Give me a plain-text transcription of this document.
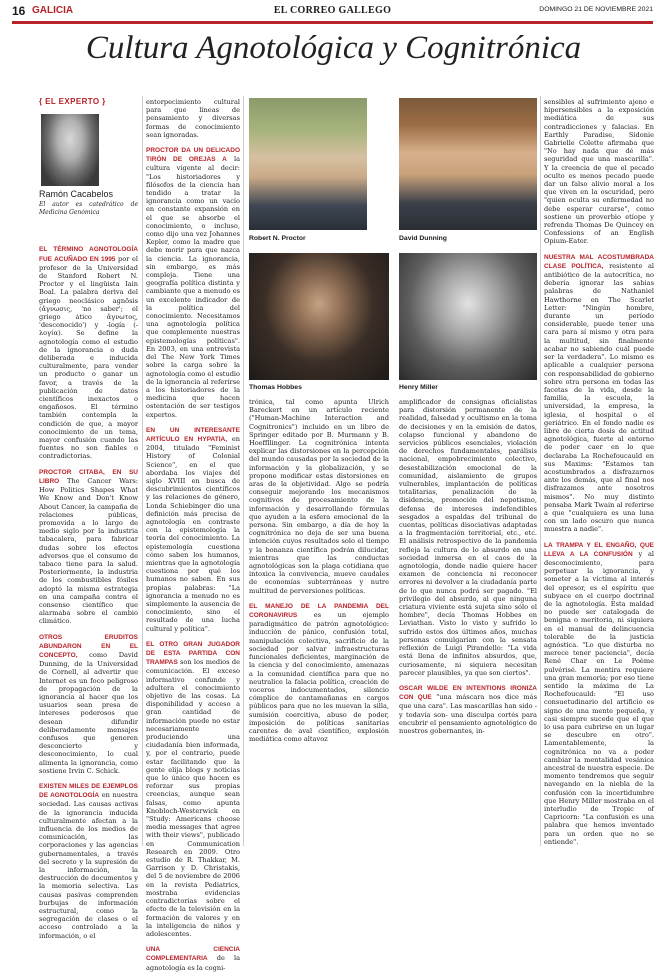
16 GALICIA	EL CORREO GALLEGO	DOMINGO 21 DE NOVIEMBRE 2021
Cultura Agnotológica y Cognitrónica
{ EL EXPERTO }
Ramón Cacabelos
El autor es catedrático de Medicina Genómica

EL TÉRMINO AGNOTOLOGÍA FUE ACUÑADO EN 1995 por el profesor de la Universidad de Stanford Robert N. Proctor y el lingüista Iain Boal. La palabra deriva del griego neoclásico agnōsis (ἄγνωσις, 'no saber'; el griego ático ἄγνωτος, 'desconocido') y -logía (-λογία). Se define la agnotología como el estudio de la ignorancia o duda deliberada e inducida culturalmente, para vender un producto o ganar un favor, a través de la publicación de datos científicos inexactos o engañosos. El término también contempla la condición de que, a mayor conocimiento de un tema, mayor confusión cuando las fuentes no son fiables o contradictorias.

PROCTOR CITABA, EN SU LIBRO The Cancer Wars: How Politics Shapes What We Know and Don't Know About Cancer, la campaña de relaciones públicas, promovida a lo largo de medio siglo por la industria tabacalera, para fabricar dudas sobre los efectos adversos que el consumo de tabaco tiene para la salud. Posteriormente, la industria de los combustibles fósiles adoptó la misma estrategia en una campaña contra el consenso científico que alarmaba sobre el cambio climático.

OTROS ERUDITOS ABUNDARON EN EL CONCEPTO, como David Dunning, de la Universidad de Cornell, al advertir que Internet es un foco peligroso de propagación de la ignorancia al hacer que los usuarios sean presa de intereses poderosos que desean difundir deliberadamente mensajes confusos que generen desconcierto y desconocimiento, lo cual alimenta la ignorancia, como sostiene Irvin C. Schick.

EXISTEN MILES DE EJEMPLOS DE AGNOTOLOGÍA en nuestra sociedad. Las causas activas de la ignorancia inducida culturalmente afectan a la influencia de los medios de comunicación, las corporaciones y las agencias gubernamentales, a través del secreto y la supresión de la información, la destrucción de documentos y la memoria selectiva. Las causas pasivas comprenden burbujas de información estructural, como la segregación de clases o el acceso controlado a la información, o el

entorpecimiento cultural para que líneas de pensamiento y diversas formas de conocimiento sean ignoradas.

PROCTOR DA UN DELICADO TIRÓN DE OREJAS A la cultura vigente al decir: "Los historiadores y filósofos de la ciencia han tendido a tratar la ignorancia como un vacío en constante expansión en el que se absorbe el conocimiento, o incluso, como dijo una vez Johannes Kepler, como la madre que debe morir para que nazca la ciencia. La ignorancia, sin embargo, es más compleja. Tiene una geografía política distinta y cambiante que a menudo es un excelente indicador de la política del conocimiento. Necesitamos una agnotología política que complemente nuestras epistemologías políticas". En 2003, en una entrevista del The New York Times sobre la carga sobre la agnotología como el estudio de la ignorancia al referirse a los historiadores de la medicina que hacen ostentación de ser testigos expertos.

EN UN INTERESANTE ARTÍCULO EN HYPATIA, en 2004, titulado "Feminist History of Colonial Science", en el que abordaba los viajes del siglo XVIII en busca de descubrimientos científicos y las relaciones de género, Londa Schiebinger dio una definición más precisa de agnotología en contraste con la epistemología la teoría del conocimiento. La epistemología cuestiona cómo saben los humanos, mientras que la agnotología cuestiona por qué los humanos no saben. En sus propias palabras: "La ignorancia a menudo no es simplemente la ausencia de conocimiento, sino el resultado de una lucha cultural y política".

EL OTRO GRAN JUGADOR DE ESTA PARTIDA CON TRAMPAS son los medios de comunicación. El exceso informativo confunde y adultera el conocimiento objetivo de las cosas. La disponibilidad y acceso a gran cantidad de información puede no estar necesariamente produciendo una ciudadanía bien informada, y, por el contrario, puede estar facilitando que la gente elija blogs y noticias que lo único que hacen es reforzar sus propias creencias, aunque sean falsas, como apunta Knobloch-Westerwick en "Study: Americans choose media messages that agree with their views", publicado en Communication Research en 2009. Otro estudio de R. Thakkar, M. Garrison y D. Christakis, del 5 de noviembre de 2006 en la revista Pediatrics, mostraba evidencias contradictorias sobre el efecto de la televisión en la formación de valores y en la inteligencia de niños y adolescentes.

UNA CIENCIA COMPLEMENTARIA de la agnotología es la cogni-

Robert N. Proctor	David Dunning
Thomas Hobbes	Henry Miller

trónica, tal como apunta Ulrich Bareckert en un artículo reciente ("Human-Machine Interaction and Cognitronics") incluido en un libro de Springer editado por B. Murmann y B. Hoeffllinger. La cognitrónica intenta explicar las distorsiones en la percepción del mundo causadas por la sociedad de la información y la globalización, y se propone modificar estas distorsiones en aras de la objetividad. Algo se podría conseguir mejorando los mecanismos cognitivos de procesamiento de la información y desarrollando fórmulas que ayuden a la esfera emocional de la persona. Sin embargo, a día de hoy la cognitrónica no deja de ser una buena intención cuyos resultados solo el tiempo y la bonanza científica podrán dilucidar, mientras que las conductas agnotológicas son la plaga cotidiana que intoxica la convivencia, mueve caudales de economías subterráneas y nutre multitud de perversiones políticas.

EL MANEJO DE LA PANDEMIA DEL CORONAVIRUS es un ejemplo paradigmático de patrón agnotológico: inducción de pánico, confusión total, manipulación colectiva, sacrificio de la sociedad por salvar infraestructuras funcionales deficientes, marginación de la ciencia y del conocimiento, amenazas a la comunidad científica para que no neutralice la falacia política, creación de voceros indocumentados, silencio cómplice de cantamañanas en cargos públicos para que no les muevan la silla, sumisión coercitiva, abuso de poder, imposición de políticas sanitarias carentes de aval científico, explosión mediática como altavoz

amplificador de consignas oficialistas para distorsión permanente de la realidad, falsedad y ocultismo en la toma de decisiones y en la emisión de datos, colapso funcional y abandono de servicios públicos esenciales, violación de derechos fundamentales, parálisis nacional, empobrecimiento colectivo, desestabilización emocional de la comunidad, aislamiento de grupos vulnerables, implantación de políticas totalitarias, penalización de la disidencia, promoción del nepotismo, defensa de intereses indefendibles sesgados a espaldas del tribunal de cuentas, políticas disociativas adaptadas a la fragmentación territorial, etc., etc. El análisis retrospectivo de la pandemia refleja la cultura de lo absurdo en una sociedad inmersa en el caos de la agnotología, donde nadie quiere hacer examen de conciencia ni reconocer errores ni devolver a la ciudadanía parte de lo que nunca podrá ser pagado. "El privilegio del absurdo, al que ninguna criatura viviente está sujeta sino sólo el hombre", decía Thomas Hobbes en Leviathan. Visto lo visto y sufrido lo sufrido estos dos últimos años, muchas personas comulgarían con la sensata reflexión de Luigi Pirandello: "La vida está llena de infinitos absurdos, que, curiosamente, ni siquiera necesitan parecer plausibles, ya que son ciertos".

OSCAR WILDE EN INTENTIONS IRONIZA CON QUE "una máscara nos dice más que una cara". Las mascarillas han sido -y todavía son- una disculpa cortés para encubrir el pensamiento agnotológico de nuestros gobernantes, in-

sensibles al sufrimiento ajeno e hipersensibles a la exposición mediática de sus contradicciones y falacias. En Earthly Paradise, Sidonie Gabrielle Colette afirmaba que "No hay nada que dé más seguridad que una mascarilla". Y la creencia de que el pecado oculto es menos pecado puede dar un falso alivio moral a los que viven en la oscuridad, pero "quien oculta su enfermedad no debe esperar curarse", como sostiene un proverbio etíope y refrenda Thomas De Quincey en Confessions of an English Opium-Eater.

NUESTRA MAL ACOSTUMBRADA CLASE POLÍTICA, resistente al antibiótico de la autocrítica, no debería ignorar las sabias palabras de Nathaniel Hawthorne en The Scarlet Letter: "Ningún hombre, durante un período considerable, puede tener una cara para sí mismo y otra para la multitud, sin finalmente acabar no sabiendo cuál puede ser la verdadera". Lo mismo es aplicable a cualquier persona con responsabilidad de gobierno sobre otra persona en todas las facetas de la vida, desde la familia, la escuela, la universidad, la empresa, la iglesia, el hospital o el geriátrico. En el fondo nadie es libre de cierta dosis de actitud agnotológica, fuerte al entorno de poder caer en lo que declaraba La Rochefoucauld en sus Maxims: "Estamos tan acostumbrados a disfrazarnos ante los demás, que al final nos disfrazamos ante nosotros mismos". No muy distinto pensaba Mark Twain al referirse a que "cualquiera es una luna con un lado oscuro que nunca muestra a nadie".

LA TRAMPA Y EL ENGAÑO, QUE LLEVA A LA CONFUSIÓN y al desconocimiento, para perpetuar la ignorancia, y someter a la víctima al interés del opresor, es el espíritu que subyace en el cuerpo doctrinal de la agnotología. Esta maldad no puede ser catalogada de benigna o meritoria, ni siquiera en el manual de delincuencia tolerable de la justicia agnóstica. "Lo que disturba no merece tener paciencia", decía René Char en Le Poème pulvérisé. La mentira requiere una gran memoria; por eso tiene sentido la máxima de La Rochefoucauld: "El uso consuetudinario del artificio es signo de una mente pequeña, y casi siempre sucede que el que lo usa para cubrirse en un lugar se descubre en otro". Lamentablemente, la cognitrónica no va a poder cambiar la mentalidad vesánica ancestral de nuestra especie. De momento tendremos que seguir navegando en la niebla de la confusión con la incertidumbre que Henry Miller mostraba en el interludio de Tropic of Capricorn: "La confusión es una palabra que hemos inventado para un orden que no se entiende".
